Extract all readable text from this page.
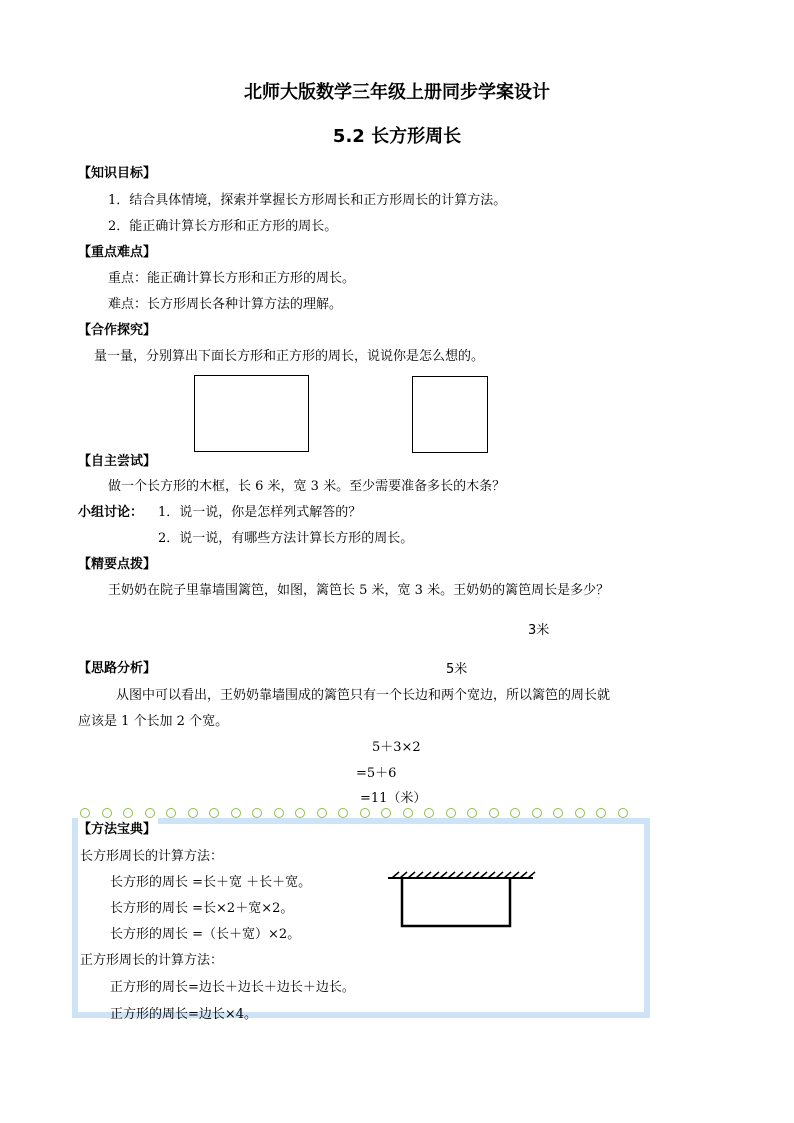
北师大版数学三年级上册同步学案设计
5.2 长方形周长
【知识目标】
1．结合具体情境，探索并掌握长方形周长和正方形周长的计算方法。
2．能正确计算长方形和正方形的周长。
【重点难点】
重点：能正确计算长方形和正方形的周长。
难点：长方形周长各种计算方法的理解。
【合作探究】
量一量，分别算出下面长方形和正方形的周长，说说你是怎么想的。
【自主尝试】
做一个长方形的木框，长 6 米，宽 3 米。至少需要准备多长的木条？
小组讨论： 1．说一说，你是怎样列式解答的？
2．说一说，有哪些方法计算长方形的周长。
【精要点拨】
王奶奶在院子里靠墙围篱笆，如图，篱笆长 5 米，宽 3 米。王奶奶的篱笆周长是多少？
3米
【思路分析】	5米
从图中可以看出，王奶奶靠墙围成的篱笆只有一个长边和两个宽边，所以篱笆的周长就
应该是 1 个长加 2 个宽。
5＋3×2
=5＋6
=11（米）
【方法宝典】
长方形周长的计算方法：
长方形的周长 =长＋宽 ＋长＋宽。
长方形的周长 =长×2＋宽×2。
长方形的周长 =（长＋宽）×2。
正方形周长的计算方法：
正方形的周长=边长＋边长＋边长＋边长。
正方形的周长=边长×4。
